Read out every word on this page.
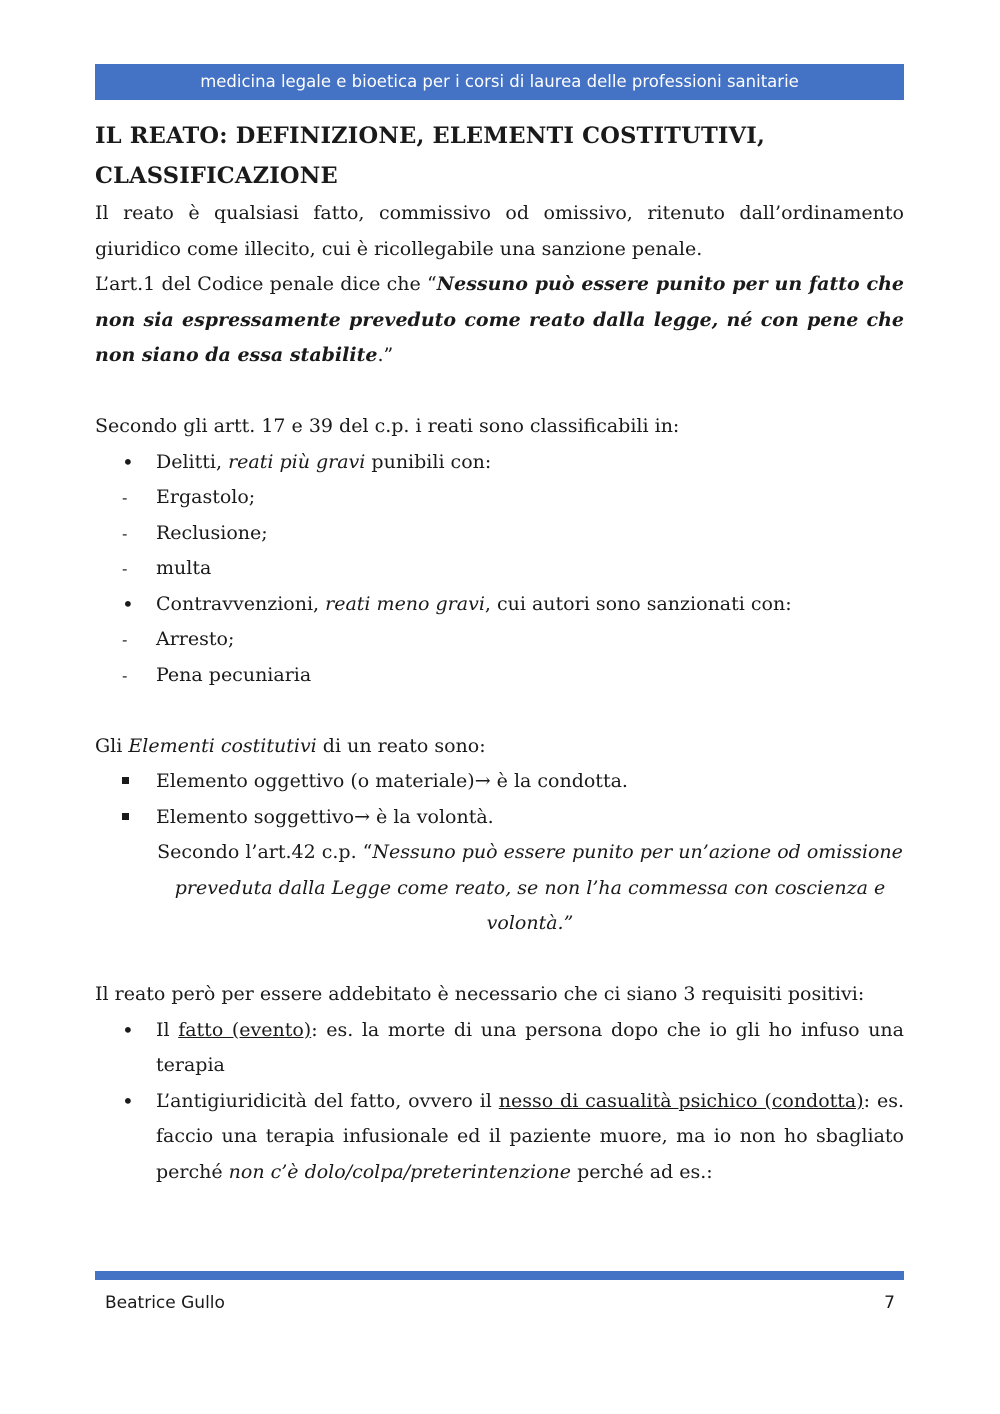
medicina legale e bioetica per i corsi di laurea delle professioni sanitarie
IL REATO: DEFINIZIONE, ELEMENTI COSTITUTIVI, CLASSIFICAZIONE

Il reato è qualsiasi fatto, commissivo od omissivo, ritenuto dall’ordinamento giuridico come illecito, cui è ricollegabile una sanzione penale.

L’art.1 del Codice penale dice che “Nessuno può essere punito per un fatto che non sia espressamente preveduto come reato dalla legge, né con pene che non siano da essa stabilite.”

Secondo gli artt. 17 e 39 del c.p. i reati sono classificabili in:

•
Delitti, reati più gravi punibili con:
-
Ergastolo;
-
Reclusione;
-
multa
•
Contravvenzioni, reati meno gravi, cui autori sono sanzionati con:
-
Arresto;
-
Pena pecuniaria

Gli Elementi costitutivi di un reato sono:

Elemento oggettivo (o materiale)→ è la condotta.
Elemento soggettivo→ è la volontà.

Secondo l’art.42 c.p. “Nessuno può essere punito per un’azione od omissione preveduta dalla Legge come reato, se non l’ha commessa con coscienza e volontà.”

Il reato però per essere addebitato è necessario che ci siano 3 requisiti positivi:

•
Il fatto (evento): es. la morte di una persona dopo che io gli ho infuso una terapia
•
L’antigiuridicità del fatto, ovvero il nesso di casualità psichico (condotta): es. faccio una terapia infusionale ed il paziente muore, ma io non ho sbagliato perché non c’è dolo/colpa/preterintenzione perché ad es.:
Beatrice Gullo	7
